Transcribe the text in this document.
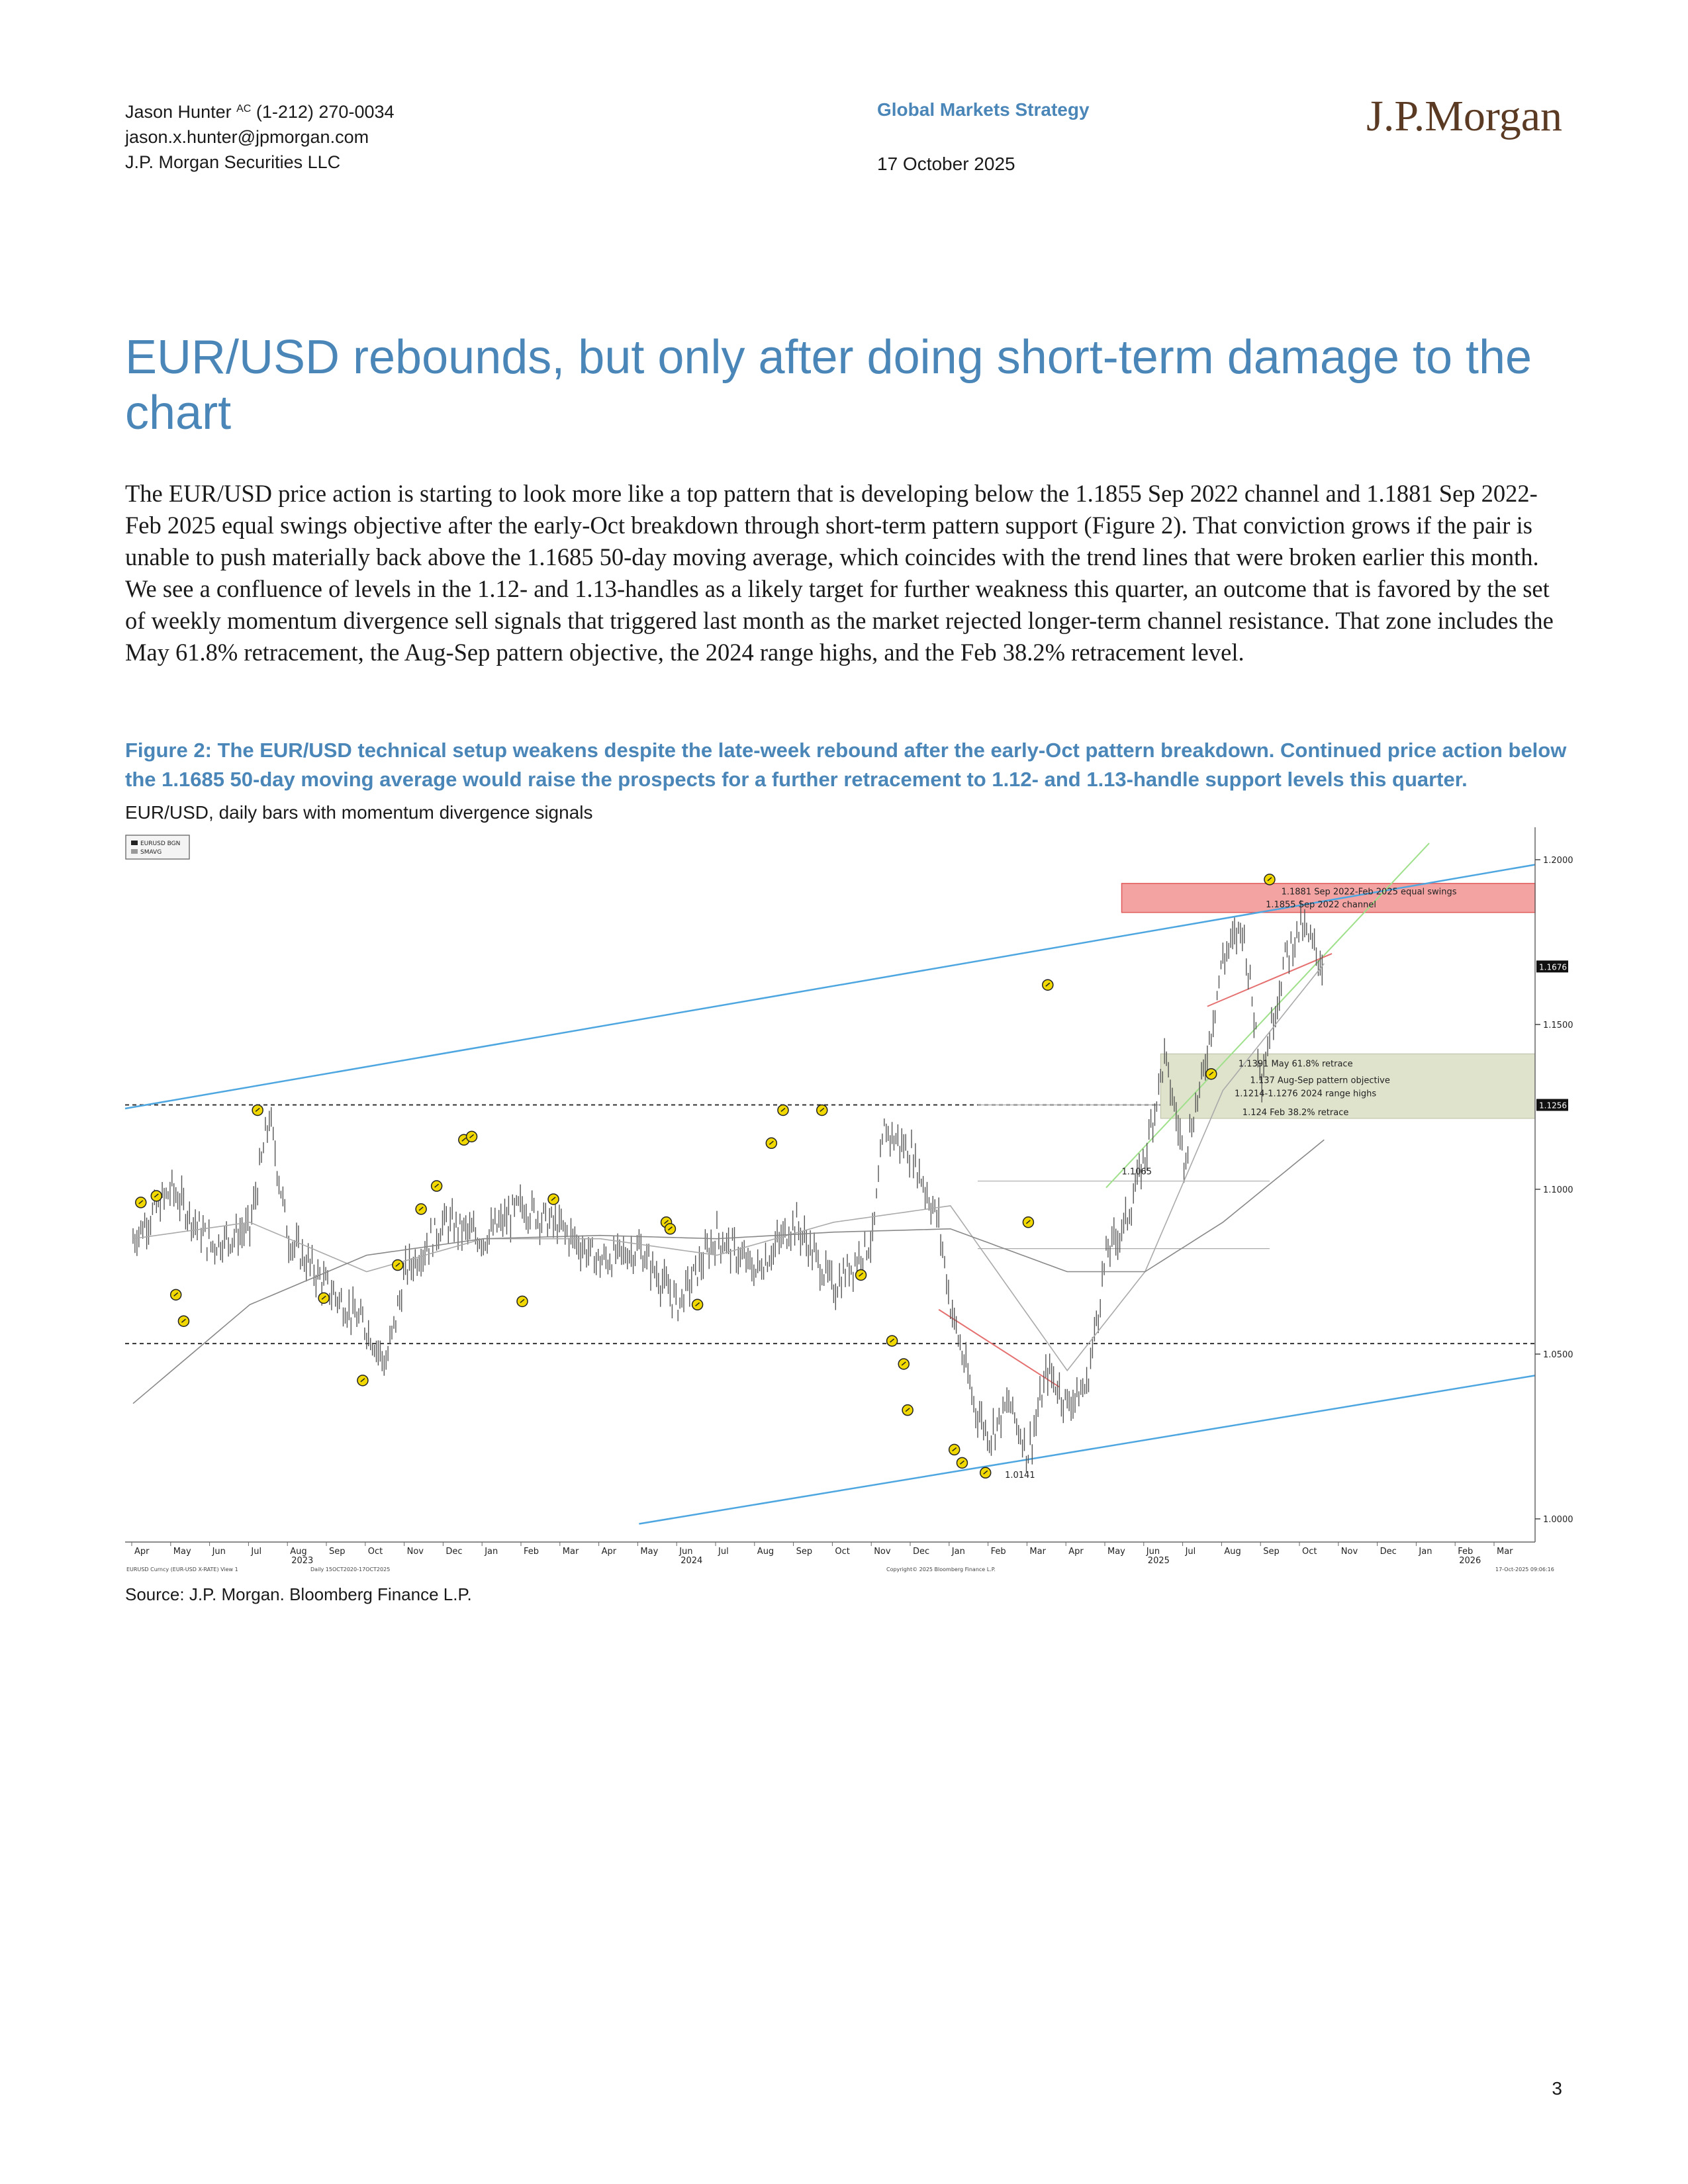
Jason Hunter $^{AC}$ (1-212) 270-0034
jason.x.hunter@jpmorgan.com
J.P. Morgan Securities LLC
Global Markets Strategy
17 October 2025
J.P.Morgan
EUR/USD rebounds, but only after doing short-term damage to the chart
The EUR/USD price action is starting to look more like a top pattern that is developing below the 1.1855 Sep 2022 channel and 1.1881 Sep 2022-Feb 2025 equal swings objective after the early-Oct breakdown through short-term pattern support (Figure 2). That conviction grows if the pair is unable to push materially back above the 1.1685 50-day moving average, which coincides with the trend lines that were broken earlier this month. We see a confluence of levels in the 1.12- and 1.13-handles as a likely target for further weakness this quarter, an outcome that is favored by the set of weekly momentum divergence sell signals that triggered last month as the market rejected longer-term channel resistance. That zone includes the May 61.8% retracement, the Aug-Sep pattern objective, the 2024 range highs, and the Feb 38.2% retracement level.
Figure 2: The EUR/USD technical setup weakens despite the late-week rebound after the early-Oct pattern breakdown. Continued price action below the 1.1685 50-day moving average would raise the prospects for a further retracement to 1.12- and 1.13-handle support levels this quarter.
EUR/USD, daily bars with momentum divergence signals
1.1881 Sep 2022-Feb 2025 equal swings
1.1855 Sep 2022 channel
1.1391 May 61.8% retrace
1.137 Aug-Sep pattern objective
1.1214-1.1276 2024 range highs
1.124 Feb 38.2% retrace
1.1065
1.0141
1.1676
1.1256
1.2000
1.1500
1.1000
1.0500
1.0000
Apr	May Jun	Jul	Aug	Sep	Oct	Nov	Dec	Jan	Feb	Mar	Apr	May Jun	Jul	Aug	Sep	Oct	Nov	Dec	Jan	Feb	Mar	Apr	May Jun	Jul	Aug	Sep	Oct	Nov	Dec	Jan	Feb	Mar
2023	2024	2025	2026
EURUSD Curncy (EUR-USD X-RATE) View 1	Daily 15OCT2020-17OCT2025	Copyright© 2025 Bloomberg Finance L.P.	17-Oct-2025 09:06:16
EURUSD BGN
SMAVG
Source: J.P. Morgan. Bloomberg Finance L.P.
3
